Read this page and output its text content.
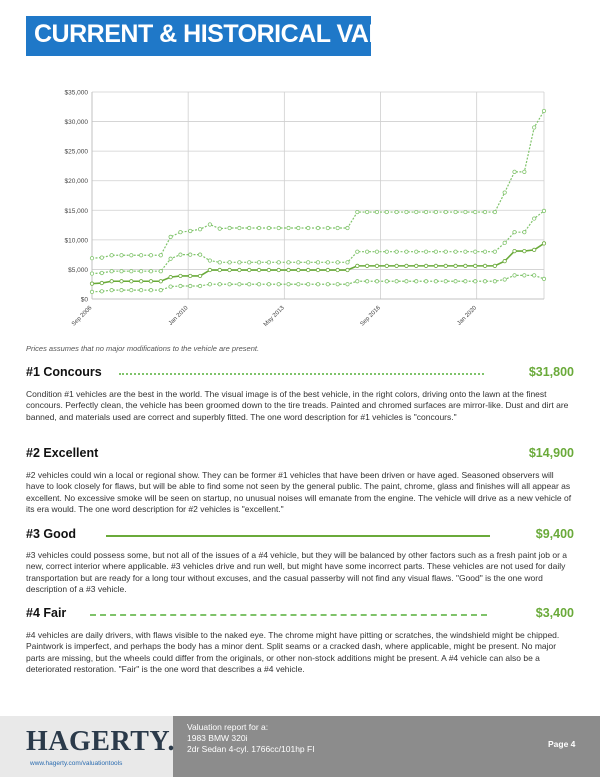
CURRENT & HISTORICAL VALUES
$35,000
$30,000
$25,000
$20,000
$15,000
$10,000
$5,000
$0
Sep 2006	Jan 2010	May 2013	Sep 2016	Jan 2020
Prices assumes that no major modifications to the vehicle are present.
#1 Concours	$31,800
Condition #1 vehicles are the best in the world. The visual image is of the best vehicle, in the right colors, driving onto the lawn at the finest concours. Perfectly clean, the vehicle has been groomed down to the tire treads. Painted and chromed surfaces are mirror-like. Dust and dirt are banned, and materials used are correct and superbly fitted. The one word description for #1 vehicles is "concours."
#2 Excellent	$14,900
#2 vehicles could win a local or regional show. They can be former #1 vehicles that have been driven or have aged. Seasoned observers will have to look closely for flaws, but will be able to find some not seen by the general public. The paint, chrome, glass and finishes will all appear as excellent. No excessive smoke will be seen on startup, no unusual noises will emanate from the engine. The vehicle will drive as a new vehicle of its era would. The one word description for #2 vehicles is "excellent."
#3 Good	$9,400
#3 vehicles could possess some, but not all of the issues of a #4 vehicle, but they will be balanced by other factors such as a fresh paint job or a new, correct interior where applicable. #3 vehicles drive and run well, but might have some incorrect parts. These vehicles are not used for daily transportation but are ready for a long tour without excuses, and the casual passerby will not find any visual flaws. "Good" is the one word description of a #3 vehicle.
#4 Fair	$3,400
#4 vehicles are daily drivers, with flaws visible to the naked eye. The chrome might have pitting or scratches, the windshield might be chipped. Paintwork is imperfect, and perhaps the body has a minor dent. Split seams or a cracked dash, where applicable, might be present. No major parts are missing, but the wheels could differ from the originals, or other non-stock additions might be present. A #4 vehicle can also be a deteriorated restoration. "Fair" is the one word that describes a #4 vehicle.
HAGERTY.
www.hagerty.com/valuationtools
Valuation report for a:
1983 BMW 320i
2dr Sedan 4-cyl. 1766cc/101hp FI	Page 4
